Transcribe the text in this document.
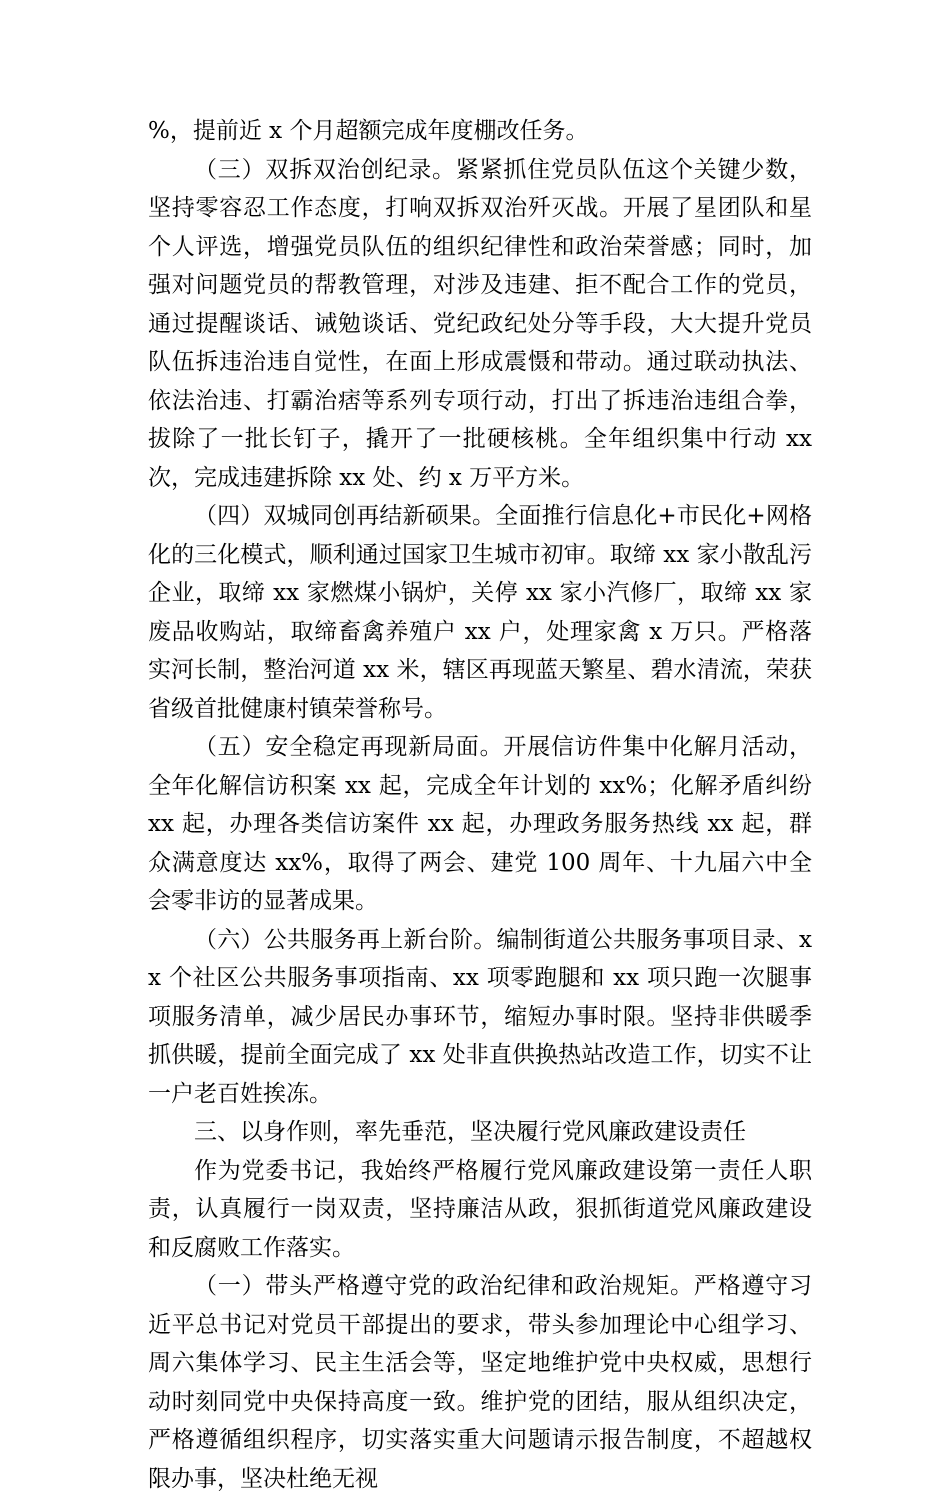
%，提前近 x 个月超额完成年度棚改任务。

（三）双拆双治创纪录。紧紧抓住党员队伍这个关键少数，坚持零容忍工作态度，打响双拆双治歼灭战。开展了星团队和星个人评选，增强党员队伍的组织纪律性和政治荣誉感；同时，加强对问题党员的帮教管理，对涉及违建、拒不配合工作的党员，通过提醒谈话、诫勉谈话、党纪政纪处分等手段，大大提升党员队伍拆违治违自觉性，在面上形成震慑和带动。通过联动执法、依法治违、打霸治痞等系列专项行动，打出了拆违治违组合拳，拔除了一批长钉子，撬开了一批硬核桃。全年组织集中行动 xx 次，完成违建拆除 xx 处、约 x 万平方米。

（四）双城同创再结新硕果。全面推行信息化+市民化+网格化的三化模式，顺利通过国家卫生城市初审。取缔 xx 家小散乱污企业，取缔 xx 家燃煤小锅炉，关停 xx 家小汽修厂，取缔 xx 家废品收购站，取缔畜禽养殖户 xx 户，处理家禽 x 万只。严格落实河长制，整治河道 xx 米，辖区再现蓝天繁星、碧水清流，荣获省级首批健康村镇荣誉称号。

（五）安全稳定再现新局面。开展信访件集中化解月活动，全年化解信访积案 xx 起，完成全年计划的 xx%；化解矛盾纠纷 xx 起，办理各类信访案件 xx 起，办理政务服务热线 xx 起，群众满意度达 xx%，取得了两会、建党 100 周年、十九届六中全会零非访的显著成果。

（六）公共服务再上新台阶。编制街道公共服务事项目录、xx 个社区公共服务事项指南、xx 项零跑腿和 xx 项只跑一次腿事项服务清单，减少居民办事环节，缩短办事时限。坚持非供暖季抓供暖，提前全面完成了 xx 处非直供换热站改造工作，切实不让一户老百姓挨冻。

三、以身作则，率先垂范，坚决履行党风廉政建设责任

作为党委书记，我始终严格履行党风廉政建设第一责任人职责，认真履行一岗双责，坚持廉洁从政，狠抓街道党风廉政建设和反腐败工作落实。

（一）带头严格遵守党的政治纪律和政治规矩。严格遵守习近平总书记对党员干部提出的要求，带头参加理论中心组学习、周六集体学习、民主生活会等，坚定地维护党中央权威，思想行动时刻同党中央保持高度一致。维护党的团结，服从组织决定，严格遵循组织程序，切实落实重大问题请示报告制度，不超越权限办事，坚决杜绝无视
